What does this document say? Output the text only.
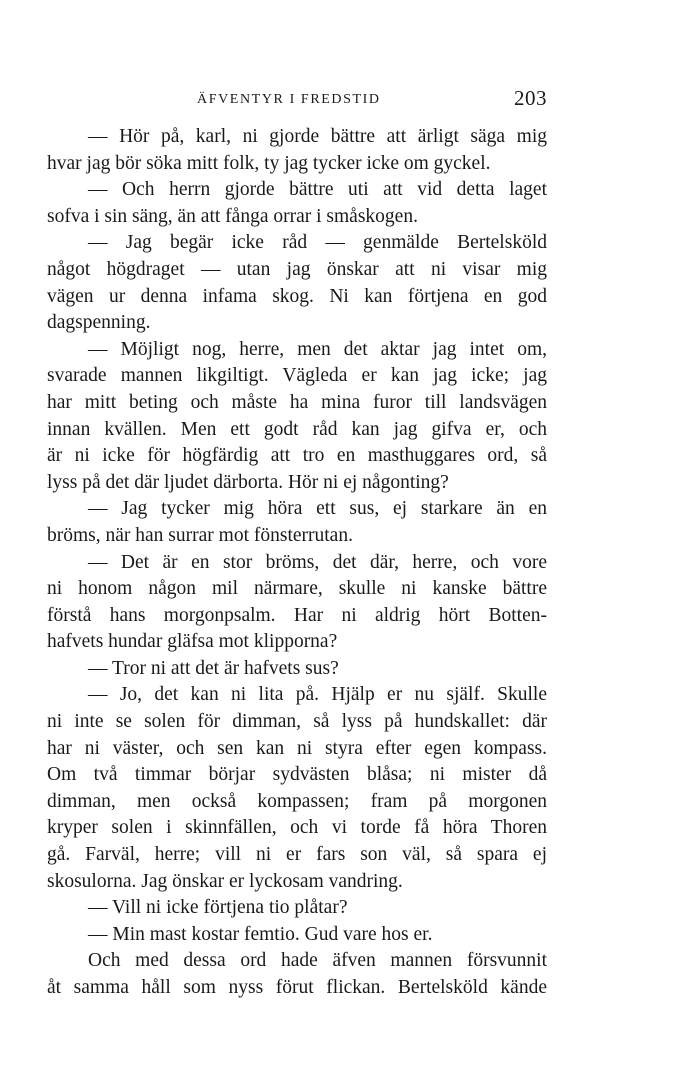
ÄFVENTYR I FREDSTID	203
— Hör på, karl, ni gjorde bättre att ärligt säga mig
hvar jag bör söka mitt folk, ty jag tycker icke om gyckel.
— Och herrn gjorde bättre uti att vid detta laget
sofva i sin säng, än att fånga orrar i småskogen.
— Jag begär icke råd — genmälde Bertelsköld
något högdraget — utan jag önskar att ni visar mig
vägen ur denna infama skog. Ni kan förtjena en god
dagspenning.
— Möjligt nog, herre, men det aktar jag intet om,
svarade mannen likgiltigt. Vägleda er kan jag icke; jag
har mitt beting och måste ha mina furor till landsvägen
innan kvällen. Men ett godt råd kan jag gifva er, och
är ni icke för högfärdig att tro en masthuggares ord, så
lyss på det där ljudet därborta. Hör ni ej någonting?
— Jag tycker mig höra ett sus, ej starkare än en
bröms, när han surrar mot fönsterrutan.
— Det är en stor bröms, det där, herre, och vore
ni honom någon mil närmare, skulle ni kanske bättre
förstå hans morgonpsalm. Har ni aldrig hört Botten-
hafvets hundar gläfsa mot klipporna?
— Tror ni att det är hafvets sus?
— Jo, det kan ni lita på. Hjälp er nu själf. Skulle
ni inte se solen för dimman, så lyss på hundskallet: där
har ni väster, och sen kan ni styra efter egen kompass.
Om två timmar börjar sydvästen blåsa; ni mister då
dimman, men också kompassen; fram på morgonen
kryper solen i skinnfällen, och vi torde få höra Thoren
gå. Farväl, herre; vill ni er fars son väl, så spara ej
skosulorna. Jag önskar er lyckosam vandring.
— Vill ni icke förtjena tio plåtar?
— Min mast kostar femtio. Gud vare hos er.
Och med dessa ord hade äfven mannen försvunnit
åt samma håll som nyss förut flickan. Bertelsköld kände
